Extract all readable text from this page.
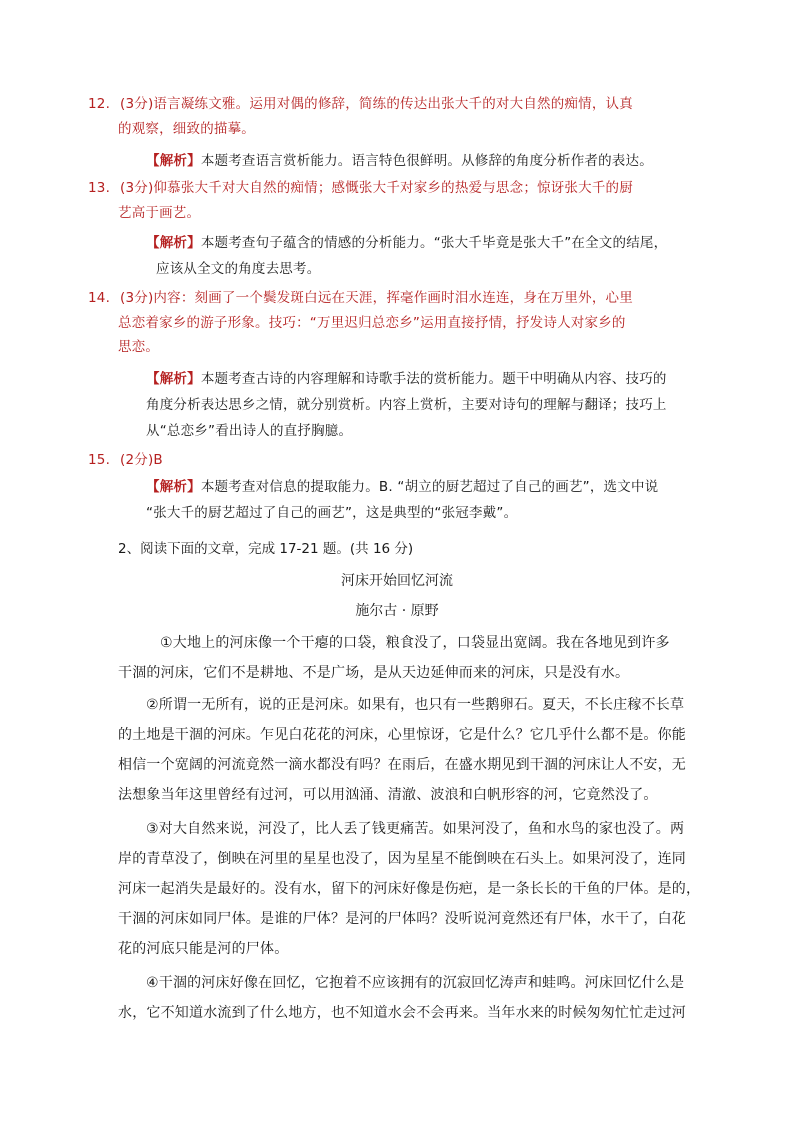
12. (3分)语言凝练文雅。运用对偶的修辞，简练的传达出张大千的对大自然的痴情，认真
的观察，细致的描摹。
【解析】本题考查语言赏析能力。语言特色很鲜明。从修辞的角度分析作者的表达。
13. (3分)仰慕张大千对大自然的痴情；感慨张大千对家乡的热爱与思念；惊讶张大千的厨
艺高于画艺。
【解析】本题考查句子蕴含的情感的分析能力。“张大千毕竟是张大千”在全文的结尾，
应该从全文的角度去思考。
14. (3分)内容：刻画了一个鬓发斑白远在天涯，挥毫作画时泪水连连，身在万里外，心里
总恋着家乡的游子形象。技巧：“万里迟归总恋乡”运用直接抒情，抒发诗人对家乡的
思恋。
【解析】本题考查古诗的内容理解和诗歌手法的赏析能力。题干中明确从内容、技巧的
角度分析表达思乡之情，就分别赏析。内容上赏析，主要对诗句的理解与翻译；技巧上
从“总恋乡”看出诗人的直抒胸臆。
15. (2分)B
【解析】本题考查对信息的提取能力。B. “胡立的厨艺超过了自己的画艺”，选文中说
“张大千的厨艺超过了自己的画艺”，这是典型的“张冠李戴”。
2、阅读下面的文章，完成 17-21 题。(共 16 分)
河床开始回忆河流
施尔古 · 原野
①大地上的河床像一个干瘪的口袋，粮食没了，口袋显出宽阔。我在各地见到许多
干涸的河床，它们不是耕地、不是广场，是从天边延伸而来的河床，只是没有水。
②所谓一无所有，说的正是河床。如果有，也只有一些鹅卵石。夏天，不长庄稼不长草
的土地是干涸的河床。乍见白花花的河床，心里惊讶，它是什么？它几乎什么都不是。你能
相信一个宽阔的河流竟然一滴水都没有吗？在雨后，在盛水期见到干涸的河床让人不安，无
法想象当年这里曾经有过河，可以用汹涌、清澈、波浪和白帆形容的河，它竟然没了。
③对大自然来说，河没了，比人丢了钱更痛苦。如果河没了，鱼和水鸟的家也没了。两
岸的青草没了，倒映在河里的星星也没了，因为星星不能倒映在石头上。如果河没了，连同
河床一起消失是最好的。没有水，留下的河床好像是伤疤，是一条长长的干鱼的尸体。是的，
干涸的河床如同尸体。是谁的尸体？是河的尸体吗？没听说河竟然还有尸体，水干了，白花
花的河底只能是河的尸体。
④干涸的河床好像在回忆，它抱着不应该拥有的沉寂回忆涛声和蛙鸣。河床回忆什么是
水，它不知道水流到了什么地方，也不知道水会不会再来。当年水来的时候匆匆忙忙走过河
